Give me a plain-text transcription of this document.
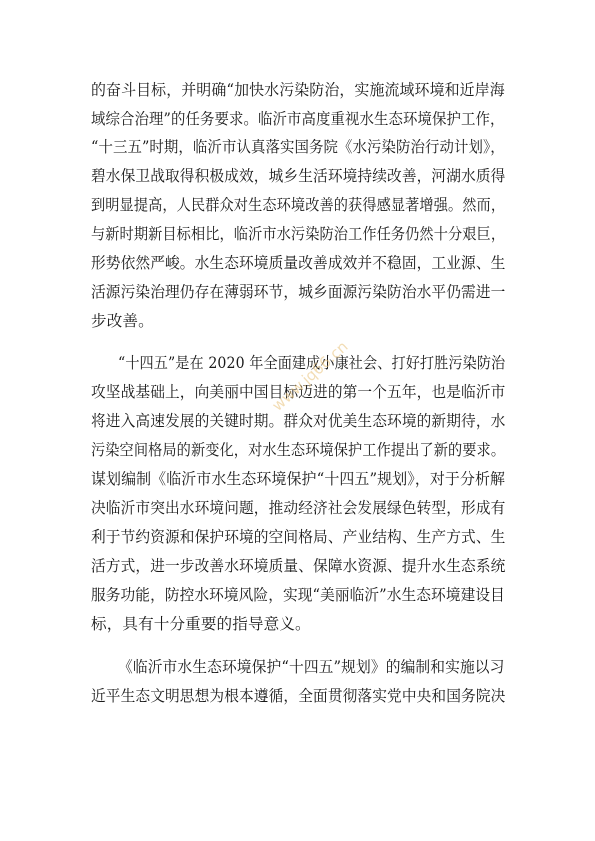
的奋斗目标，并明确“加快水污染防治，实施流域环境和近岸海
域综合治理”的任务要求。临沂市高度重视水生态环境保护工作，
“十三五”时期，临沂市认真落实国务院《水污染防治行动计划》，
碧水保卫战取得积极成效，城乡生活环境持续改善，河湖水质得
到明显提高，人民群众对生态环境改善的获得感显著增强。然而，
与新时期新目标相比，临沂市水污染防治工作任务仍然十分艰巨，
形势依然严峻。水生态环境质量改善成效并不稳固，工业源、生
活源污染治理仍存在薄弱环节，城乡面源污染防治水平仍需进一
步改善。
“十四五”是在 2020 年全面建成小康社会、打好打胜污染防治
攻坚战基础上，向美丽中国目标迈进的第一个五年，也是临沂市
将进入高速发展的关键时期。群众对优美生态环境的新期待，水
污染空间格局的新变化，对水生态环境保护工作提出了新的要求。
谋划编制《临沂市水生态环境保护“十四五”规划》，对于分析解
决临沂市突出水环境问题，推动经济社会发展绿色转型，形成有
利于节约资源和保护环境的空间格局、产业结构、生产方式、生
活方式，进一步改善水环境质量、保障水资源、提升水生态系统
服务功能，防控水环境风险，实现“美丽临沂”水生态环境建设目
标，具有十分重要的指导意义。
《临沂市水生态环境保护“十四五”规划》的编制和实施以习
近平生态文明思想为根本遵循，全面贯彻落实党中央和国务院决
www.jq66.cn
